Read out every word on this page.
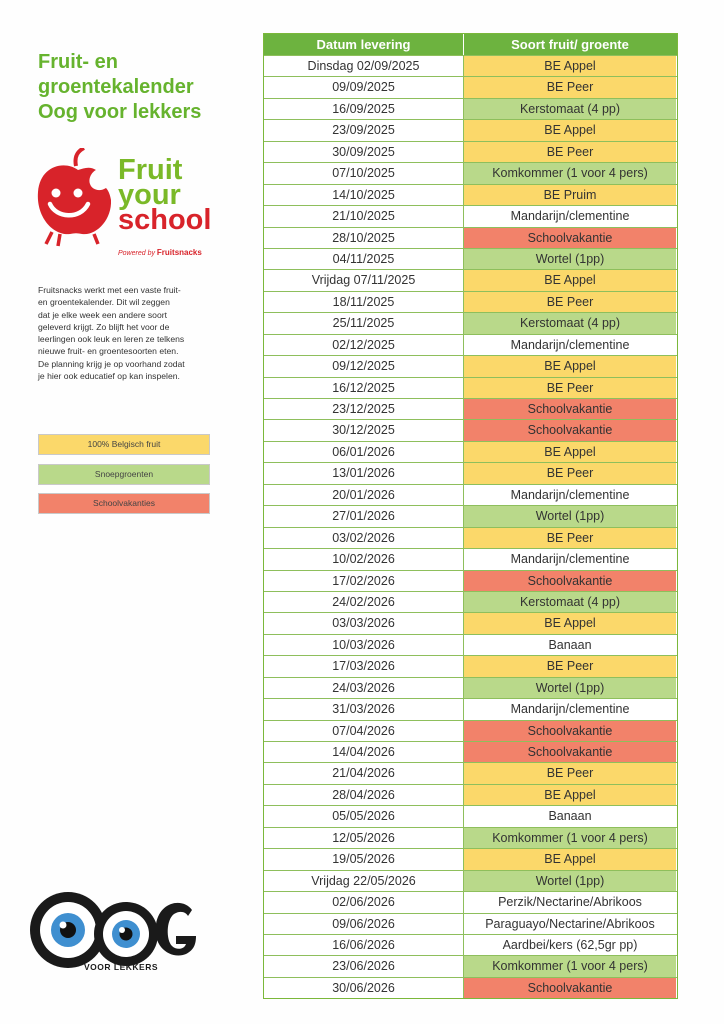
Fruit- en
groentekalender
Oog voor lekkers
Fruit
your
school
Powered by Fruitsnacks
Fruitsnacks werkt met een vaste fruit-
en groentekalender. Dit wil zeggen
dat je elke week een andere soort
geleverd krijgt. Zo blijft het voor de
leerlingen ook leuk en leren ze telkens
nieuwe fruit- en groentesoorten eten.
De planning krijg je op voorhand zodat
je hier ook educatief op kan inspelen.
100% Belgisch fruit
Snoepgroenten
Schoolvakanties
VOOR LEKKERS
Datum levering	Soort fruit/ groente
Dinsdag 02/09/2025	BE Appel
09/09/2025	BE Peer
16/09/2025	Kerstomaat (4 pp)
23/09/2025	BE Appel
30/09/2025	BE Peer
07/10/2025	Komkommer (1 voor 4 pers)
14/10/2025	BE Pruim
21/10/2025	Mandarijn/clementine
28/10/2025	Schoolvakantie
04/11/2025	Wortel (1pp)
Vrijdag 07/11/2025	BE Appel
18/11/2025	BE Peer
25/11/2025	Kerstomaat (4 pp)
02/12/2025	Mandarijn/clementine
09/12/2025	BE Appel
16/12/2025	BE Peer
23/12/2025	Schoolvakantie
30/12/2025	Schoolvakantie
06/01/2026	BE Appel
13/01/2026	BE Peer
20/01/2026	Mandarijn/clementine
27/01/2026	Wortel (1pp)
03/02/2026	BE Peer
10/02/2026	Mandarijn/clementine
17/02/2026	Schoolvakantie
24/02/2026	Kerstomaat (4 pp)
03/03/2026	BE Appel
10/03/2026	Banaan
17/03/2026	BE Peer
24/03/2026	Wortel (1pp)
31/03/2026	Mandarijn/clementine
07/04/2026	Schoolvakantie
14/04/2026	Schoolvakantie
21/04/2026	BE Peer
28/04/2026	BE Appel
05/05/2026	Banaan
12/05/2026	Komkommer (1 voor 4 pers)
19/05/2026	BE Appel
Vrijdag 22/05/2026	Wortel (1pp)
02/06/2026	Perzik/Nectarine/Abrikoos
09/06/2026	Paraguayo/Nectarine/Abrikoos
16/06/2026	Aardbei/kers (62,5gr pp)
23/06/2026	Komkommer (1 voor 4 pers)
30/06/2026	Schoolvakantie
